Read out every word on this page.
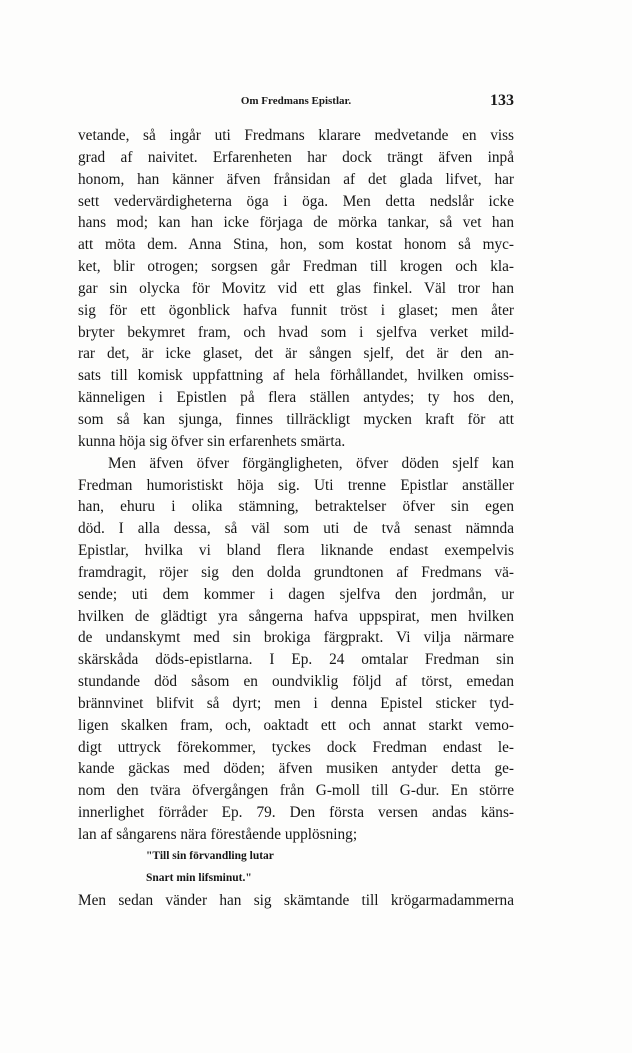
Om Fredmans Epistlar.	133
vetande, så ingår uti Fredmans klarare medvetande en viss
grad af naivitet. Erfarenheten har dock trängt äfven inpå
honom, han känner äfven frånsidan af det glada lifvet, har
sett vedervärdigheterna öga i öga. Men detta nedslår icke
hans mod; kan han icke förjaga de mörka tankar, så vet han
att möta dem. Anna Stina, hon, som kostat honom så myc-
ket, blir otrogen; sorgsen går Fredman till krogen och kla-
gar sin olycka för Movitz vid ett glas finkel. Väl tror han
sig för ett ögonblick hafva funnit tröst i glaset; men åter
bryter bekymret fram, och hvad som i sjelfva verket mild-
rar det, är icke glaset, det är sången sjelf, det är den an-
sats till komisk uppfattning af hela förhållandet, hvilken omiss-
känneligen i Epistlen på flera ställen antydes; ty hos den,
som så kan sjunga, finnes tillräckligt mycken kraft för att
kunna höja sig öfver sin erfarenhets smärta.
Men äfven öfver förgängligheten, öfver döden sjelf kan
Fredman humoristiskt höja sig. Uti trenne Epistlar anställer
han, ehuru i olika stämning, betraktelser öfver sin egen
död. I alla dessa, så väl som uti de två senast nämnda
Epistlar, hvilka vi bland flera liknande endast exempelvis
framdragit, röjer sig den dolda grundtonen af Fredmans vä-
sende; uti dem kommer i dagen sjelfva den jordmån, ur
hvilken de glädtigt yra sångerna hafva uppspirat, men hvilken
de undanskymt med sin brokiga färgprakt. Vi vilja närmare
skärskåda döds-epistlarna. I Ep. 24 omtalar Fredman sin
stundande död såsom en oundviklig följd af törst, emedan
brännvinet blifvit så dyrt; men i denna Epistel sticker tyd-
ligen skalken fram, och, oaktadt ett och annat starkt vemo-
digt uttryck förekommer, tyckes dock Fredman endast le-
kande gäckas med döden; äfven musiken antyder detta ge-
nom den tvära öfvergången från G-moll till G-dur. En större
innerlighet förråder Ep. 79. Den första versen andas käns-
lan af sångarens nära förestående upplösning;
"Till sin förvandling lutar
Snart min lifsminut."
Men sedan vänder han sig skämtande till krögarmadammerna
